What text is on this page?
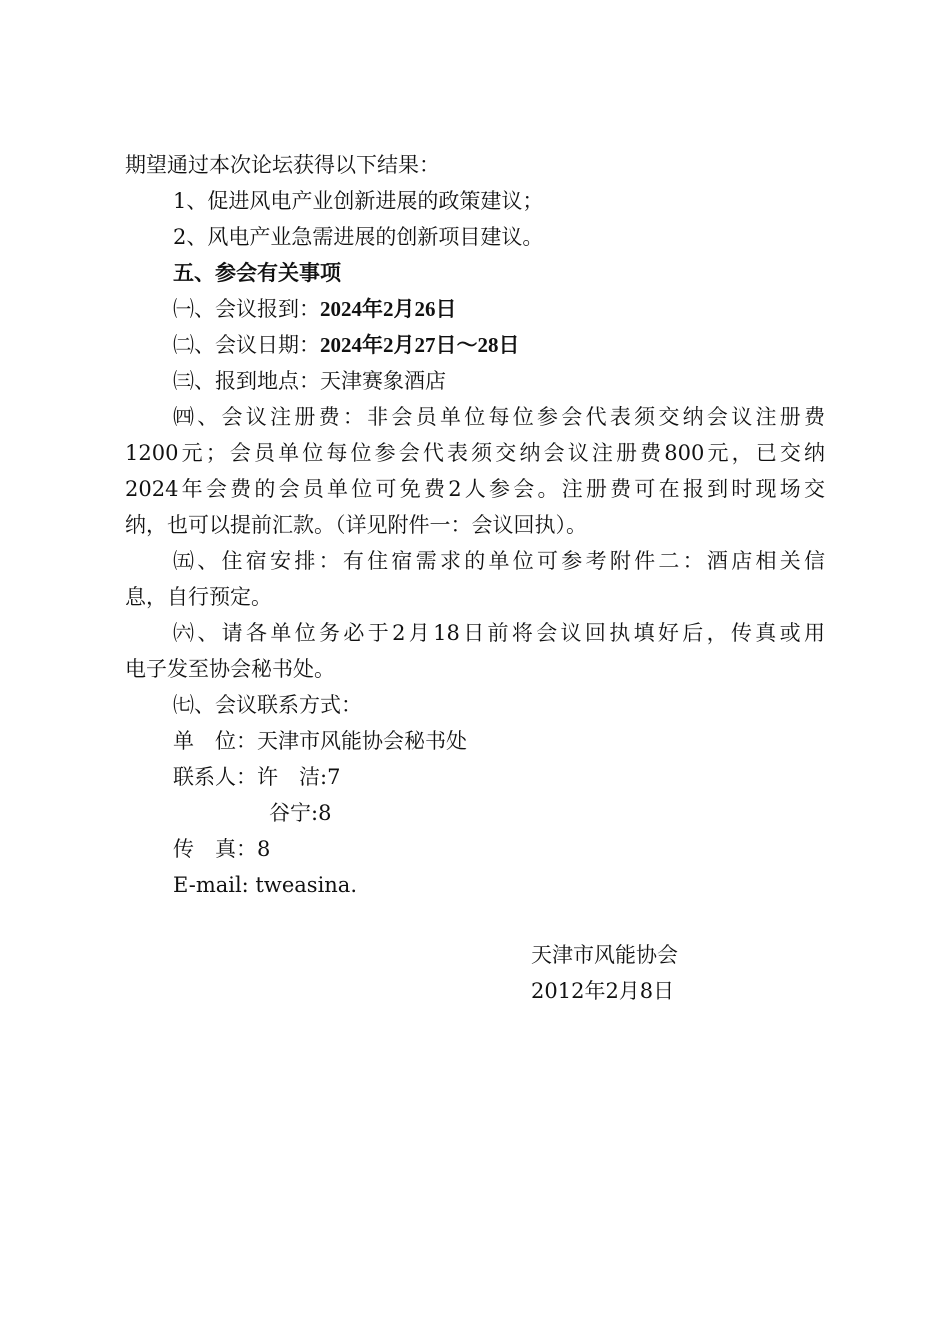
期望通过本次论坛获得以下结果：
1、促进风电产业创新进展的政策建议；
2、风电产业急需进展的创新项目建议。
五、参会有关事项
㈠、会议报到：2024年2月26日
㈡、会议日期：2024年2月27日～28日
㈢、报到地点：天津赛象酒店
㈣、会议注册费：非会员单位每位参会代表须交纳会议注册费
1200元；会员单位每位参会代表须交纳会议注册费800元，已交纳
2024年会费的会员单位可免费2人参会。注册费可在报到时现场交
纳，也可以提前汇款。（详见附件一：会议回执）。
㈤、住宿安排：有住宿需求的单位可参考附件二：酒店相关信
息，自行预定。
㈥、请各单位务必于2月18日前将会议回执填好后，传真或用
电子发至协会秘书处。
㈦、会议联系方式：
单　位：天津市风能协会秘书处
联系人：许　洁:7
谷宁:8
传　真：8
E-mail: tweasina.
天津市风能协会
2012年2月8日
